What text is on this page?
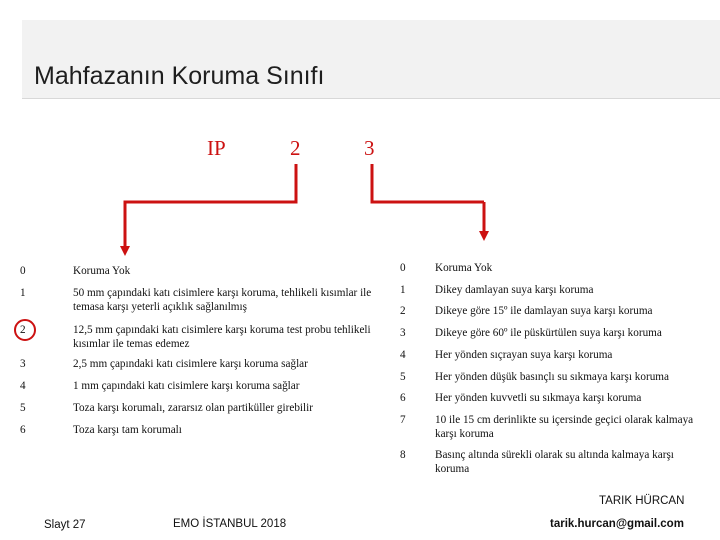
Mahfazanın Koruma Sınıfı
IP	2	3
0	Koruma Yok
1	50 mm çapındaki katı cisimlere karşı koruma, tehlikeli kısımlar ile temasa karşı yeterli açıklık sağlanılmış
2	12,5 mm çapındaki katı cisimlere karşı koruma test probu tehlikeli kısımlar ile temas edemez
3	2,5 mm çapındaki katı cisimlere karşı koruma sağlar
4	1 mm çapındaki katı cisimlere karşı koruma sağlar
5	Toza karşı korumalı, zararsız olan partiküller girebilir
6	Toza karşı tam korumalı
0	Koruma Yok
1	Dikey damlayan suya karşı koruma
2	Dikeye göre 15º ile damlayan suya karşı koruma
3	Dikeye göre 60º ile püskürtülen suya karşı koruma
4	Her yönden sıçrayan suya karşı koruma
5	Her yönden düşük basınçlı su sıkmaya karşı koruma
6	Her yönden kuvvetli su sıkmaya karşı koruma
7	10 ile 15 cm derinlikte su içersinde geçici olarak kalmaya karşı koruma
8	Basınç altında sürekli olarak su altında kalmaya karşı koruma
Slayt 27	EMO İSTANBUL 2018
TARIK HÜRCAN
tarik.hurcan@gmail.com
